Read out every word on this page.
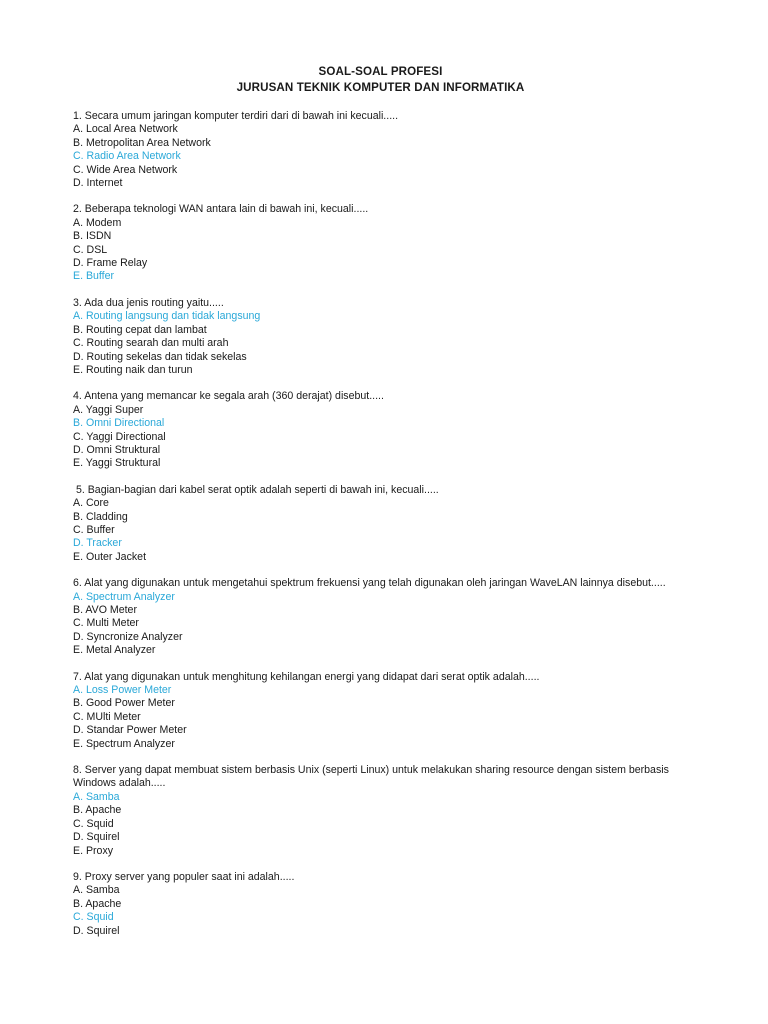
SOAL-SOAL PROFESI
JURUSAN TEKNIK KOMPUTER DAN INFORMATIKA
1. Secara umum jaringan komputer terdiri dari di bawah ini kecuali.....
A. Local Area Network
B. Metropolitan Area Network
C. Radio Area Network
C. Wide Area Network
D. Internet
2. Beberapa teknologi WAN antara lain di bawah ini, kecuali.....
A. Modem
B. ISDN
C. DSL
D. Frame Relay
E. Buffer
3. Ada dua jenis routing yaitu.....
A. Routing langsung dan tidak langsung
B. Routing cepat dan lambat
C. Routing searah dan multi arah
D. Routing sekelas dan tidak sekelas
E. Routing naik dan turun
4. Antena yang memancar ke segala arah (360 derajat) disebut.....
A. Yaggi Super
B. Omni Directional
C. Yaggi Directional
D. Omni Struktural
E. Yaggi Struktural
5. Bagian-bagian dari kabel serat optik adalah seperti di bawah ini, kecuali.....
A. Core
B. Cladding
C. Buffer
D. Tracker
E. Outer Jacket
6. Alat yang digunakan untuk mengetahui spektrum frekuensi yang telah digunakan oleh jaringan WaveLAN lainnya disebut.....
A. Spectrum Analyzer
B. AVO Meter
C. Multi Meter
D. Syncronize Analyzer
E. Metal Analyzer
7. Alat yang digunakan untuk menghitung kehilangan energi yang didapat dari serat optik adalah.....
A. Loss Power Meter
B. Good Power Meter
C. MUlti Meter
D. Standar Power Meter
E. Spectrum Analyzer
8. Server yang dapat membuat sistem berbasis Unix (seperti Linux) untuk melakukan sharing resource dengan sistem berbasis Windows adalah.....
A. Samba
B. Apache
C. Squid
D. Squirel
E. Proxy
9. Proxy server yang populer saat ini adalah.....
A. Samba
B. Apache
C. Squid
D. Squirel
